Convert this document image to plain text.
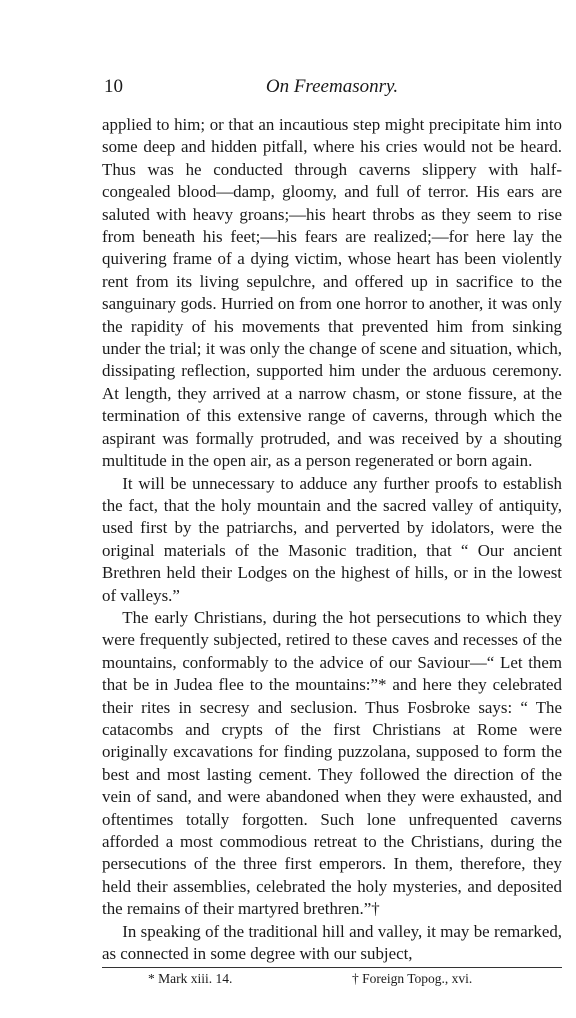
10	On Freemasonry.

applied to him; or that an incautious step might precipitate him into some deep and hidden pitfall, where his cries would not be heard. Thus was he conducted through caverns slippery with half-congealed blood—damp, gloomy, and full of terror. His ears are saluted with heavy groans;—his heart throbs as they seem to rise from beneath his feet;—his fears are realized;—for here lay the quivering frame of a dying victim, whose heart has been violently rent from its living sepulchre, and offered up in sacrifice to the sanguinary gods. Hurried on from one horror to another, it was only the rapidity of his movements that prevented him from sinking under the trial; it was only the change of scene and situation, which, dissipating reflection, supported him under the arduous ceremony. At length, they arrived at a narrow chasm, or stone fissure, at the termination of this extensive range of caverns, through which the aspirant was formally protruded, and was received by a shouting multitude in the open air, as a person regenerated or born again.

It will be unnecessary to adduce any further proofs to establish the fact, that the holy mountain and the sacred valley of antiquity, used first by the patriarchs, and perverted by idolators, were the original materials of the Masonic tradition, that “ Our ancient Brethren held their Lodges on the highest of hills, or in the lowest of valleys.”

The early Christians, during the hot persecutions to which they were frequently subjected, retired to these caves and recesses of the mountains, conformably to the advice of our Saviour—“ Let them that be in Judea flee to the mountains:”* and here they celebrated their rites in secresy and seclusion. Thus Fosbroke says: “ The catacombs and crypts of the first Christians at Rome were originally excavations for finding puzzolana, supposed to form the best and most lasting cement. They followed the direction of the vein of sand, and were abandoned when they were exhausted, and oftentimes totally forgotten. Such lone unfrequented caverns afforded a most commodious retreat to the Christians, during the persecutions of the three first emperors. In them, therefore, they held their assemblies, celebrated the holy mysteries, and deposited the remains of their martyred brethren.”†

In speaking of the traditional hill and valley, it may be remarked, as connected in some degree with our subject,

* Mark xiii. 14.	† Foreign Topog., xvi.
